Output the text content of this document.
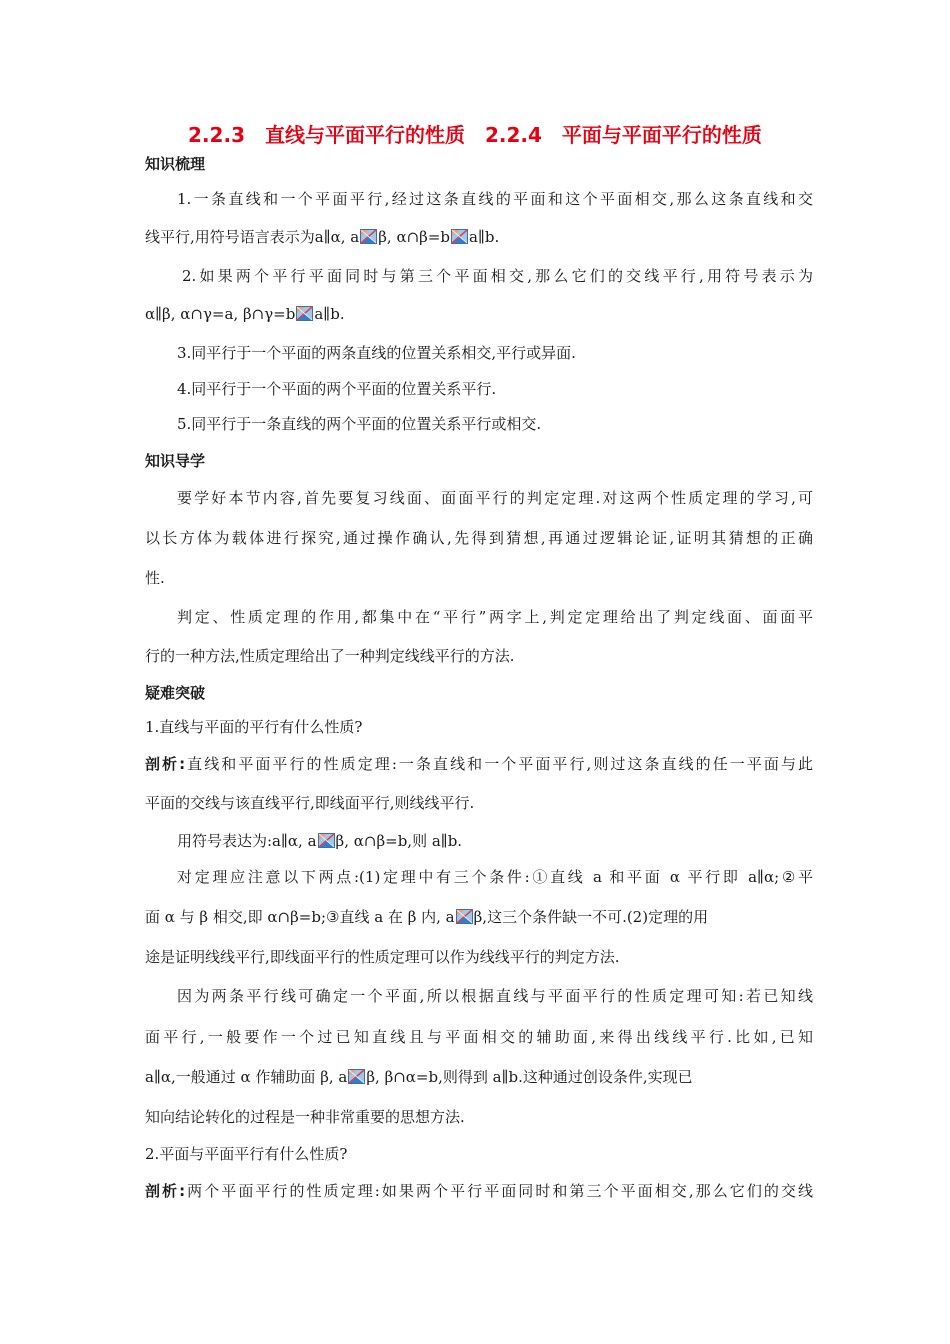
2.2.3　直线与平面平行的性质　2.2.4　平面与平面平行的性质
知识梳理
1.一条直线和一个平面平行,经过这条直线的平面和这个平面相交,那么这条直线和交
线平行,用符号语言表示为a∥α, a β, α∩β=b a∥b.
2.如果两个平行平面同时与第三个平面相交,那么它们的交线平行,用符号表示为
α∥β, α∩γ=a, β∩γ=b a∥b.
3.同平行于一个平面的两条直线的位置关系相交,平行或异面.
4.同平行于一个平面的两个平面的位置关系平行.
5.同平行于一条直线的两个平面的位置关系平行或相交.
知识导学
要学好本节内容,首先要复习线面、面面平行的判定定理.对这两个性质定理的学习,可
以长方体为载体进行探究,通过操作确认,先得到猜想,再通过逻辑论证,证明其猜想的正确
性.
判定、性质定理的作用,都集中在“平行”两字上,判定定理给出了判定线面、面面平
行的一种方法,性质定理给出了一种判定线线平行的方法.
疑难突破
1.直线与平面的平行有什么性质?
剖析:直线和平面平行的性质定理:一条直线和一个平面平行,则过这条直线的任一平面与此
平面的交线与该直线平行,即线面平行,则线线平行.
用符号表达为:a∥α, a β, α∩β=b,则 a∥b.
对定理应注意以下两点:(1)定理中有三个条件:①直线 a 和平面 α 平行即 a∥α;②平
面 α 与 β 相交,即 α∩β=b;③直线 a 在 β 内, a β,这三个条件缺一不可.(2)定理的用
途是证明线线平行,即线面平行的性质定理可以作为线线平行的判定方法.
因为两条平行线可确定一个平面,所以根据直线与平面平行的性质定理可知:若已知线
面平行,一般要作一个过已知直线且与平面相交的辅助面,来得出线线平行.比如,已知
a∥α,一般通过 α 作辅助面 β, a β, β∩α=b,则得到 a∥b.这种通过创设条件,实现已
知向结论转化的过程是一种非常重要的思想方法.
2.平面与平面平行有什么性质?
剖析:两个平面平行的性质定理:如果两个平行平面同时和第三个平面相交,那么它们的交线
